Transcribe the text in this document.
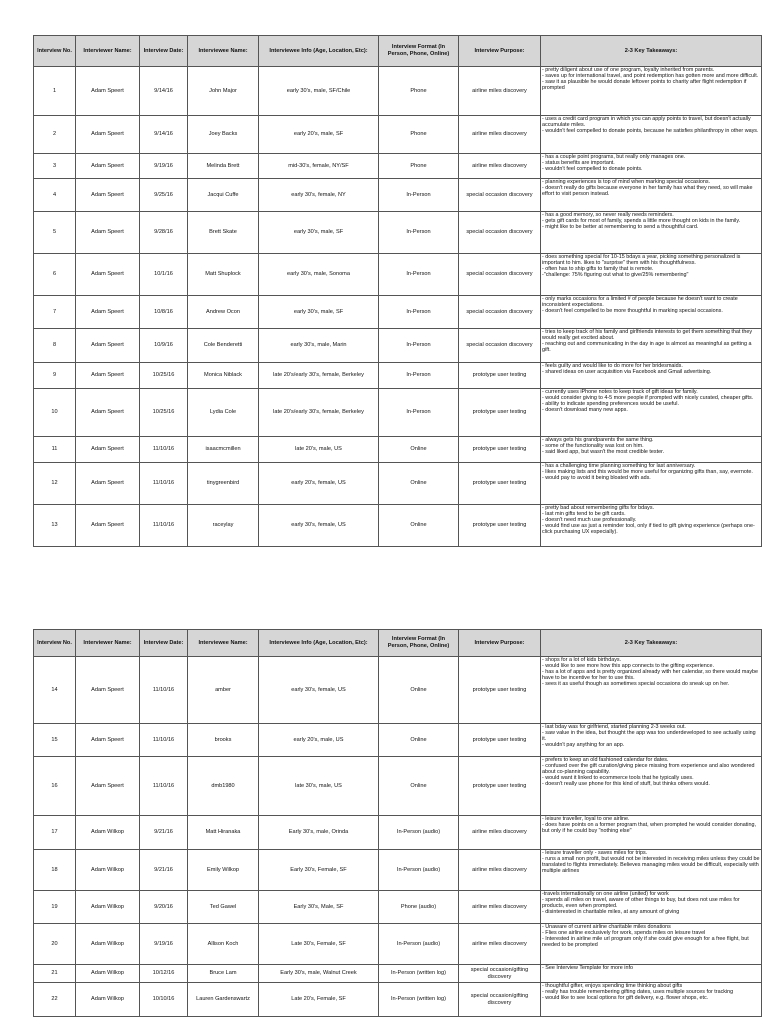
Interview No.	Interviewer Name:	Interview Date:	Interviewee Name:	Interviewee Info (Age, Location, Etc):	Interview Format (In Person, Phone, Online)	Interview Purpose:	2-3 Key Takeaways:
1	Adam Speert	9/14/16	John Major	early 30's, male, SF/Chile	Phone	airline miles discovery	- pretty diligent about use of one program, loyalty inherited from parents.
- saves up for international travel, and point redemption has gotten more and more difficult.
- saw it as plausible he would donate leftover points to charity after flight redemption if prompted
2	Adam Speert	9/14/16	Joey Backs	early 20's, male, SF	Phone	airline miles discovery	- uses a credit card program in which you can apply points to travel, but doesn't actually accumulate miles.
- wouldn't feel compelled to donate points, because he satisfies philanthropy in other ways.
3	Adam Speert	9/19/16	Melinda Brett	mid-30's, female, NY/SF	Phone	airline miles discovery	- has a couple point programs, but really only manages one.
- status benefits are important.
- wouldn't feel compelled to donate points.
4	Adam Speert	9/25/16	Jacqui Cuffe	early 30's, female, NY	In-Person	special occasion discovery	- planning experiences is top of mind when marking special occasions.
- doesn't really do gifts because everyone in her family has what they need, so will make effort to visit person instead.
5	Adam Speert	9/28/16	Brett Skate	early 30's, male, SF	In-Person	special occasion discovery	- has a good memory, so never really needs reminders.
- gets gift cards for most of family, spends a little more thought on kids in the family.
- might like to be better at remembering to send a thoughtful card.
6	Adam Speert	10/1/16	Matt Shuplock	early 30's, male, Sonoma	In-Person	special occasion discovery	- does something special for 10-15 bdays a year, picking something personalized is important to him. likes to "surprise" them with his thoughtfulness.
- often has to ship gifts to family that is remote.
-"challenge: 75% figuring out what to give/25% remembering"
7	Adam Speert	10/8/16	Andrew Ocon	early 30's, male, SF	In-Person	special occasion discovery	- only marks occasions for a limited # of people because he doesn't want to create inconsistent expectations.
- doesn't feel compelled to be more thoughtful in marking special occasions.
8	Adam Speert	10/9/16	Cole Benderetti	early 30's, male, Marin	In-Person	special occasion discovery	- tries to keep track of his family and girlfriends interests to get them something that they would really get excited about.
- reaching out and communicating in the day in age is almost as meaningful as getting a gift.
9	Adam Speert	10/25/16	Monica Niblack	late 20's/early 30's, female, Berkeley	In-Person	prototype user testing	- feels guilty and would like to do more for her bridesmaids.
- shared ideas on user acquisition via Facebook and Gmail advertising.
10	Adam Speert	10/25/16	Lydia Cole	late 20's/early 30's, female, Berkeley	In-Person	prototype user testing	- currently uses iPhone notes to keep track of gift ideas for family.
- would consider giving to 4-5 more people if prompted with nicely curated, cheaper gifts.
- ability to indicate spending preferences would be useful.
- doesn't download many new apps.
11	Adam Speert	11/10/16	isaacmcmillen	late 20's, male, US	Online	prototype user testing	- always gets his grandparents the same thing.
- some of the functionality was lost on him.
- said liked app, but wasn't the most credible tester.
12	Adam Speert	11/10/16	tinygreenbird	early 20's, female, US	Online	prototype user testing	- has a challenging time planning something for last anniversary.
- likes making lists and this would be more useful for organizing gifts than, say, evernote.
- would pay to avoid it being bloated with ads.
13	Adam Speert	11/10/16	raceylay	early 30's, female, US	Online	prototype user testing	- pretty bad about remembering gifts for bdays.
- last min gifts tend to be gift cards.
- doesn't need much use professionally.
- would find use as just a reminder tool, only if tied to gift giving experience (perhaps one-click purchasing UX especially).
Interview No.	Interviewer Name:	Interview Date:	Interviewee Name:	Interviewee Info (Age, Location, Etc):	Interview Format (In Person, Phone, Online)	Interview Purpose:	2-3 Key Takeaways:
14	Adam Speert	11/10/16	amber	early 30's, female, US	Online	prototype user testing	- shops for a lot of kids birthdays.
- would like to see more how this app connects to the gifting experience.
- has a lot of apps and is pretty organized already with her calendar, so there would maybe have to be incentive for her to use this.
- sees it as useful though as sometimes special occasions do sneak up on her.
15	Adam Speert	11/10/16	brooks	early 20's, male, US	Online	prototype user testing	- last bday was for girlfriend, started planning 2-3 weeks out.
- saw value in the idea, but thought the app was too underdeveloped to see actually using it.
- wouldn't pay anything for an app.
16	Adam Speert	11/10/16	dmb1980	late 30's, male, US	Online	prototype user testing	- prefers to keep an old fashioned calendar for dates.
- confused over the gift curation/giving piece missing from experience and also wondered about co-planning capability.
- would want it linked to ecommerce tools that he typically uses.
- doesn't really use phone for this kind of stuff, but thinks others would.
17	Adam Wilkop	9/21/16	Matt Hiranaka	Early 30's, male, Orinda	In-Person (audio)	airline miles discovery	- leisure traveller, loyal to one airline.
- does have points on a former program that, when prompted he would consider donating, but only if he could buy "nothing else"
18	Adam Wilkop	9/21/16	Emily Wilkop	Early 30's, Female, SF	In-Person (audio)	airline miles discovery	- leisure traveller only - saves miles for trips.
- runs a small non profit, but would not be interested in receiving miles unless they could be translated to flights immediately. Believes managing miles would be difficult, especially with multiple airlines
19	Adam Wilkop	9/20/16	Ted Gawel	Early 30's, Male, SF	Phone (audio)	airline miles discovery	-travels internationally on one airline (united) for work
- spends all miles on travel, aware of other things to buy, but does not use miles for products, even when prompted.
- disinterested in charitable miles, at any amount of giving
20	Adam Wilkop	9/19/16	Allison Koch	Late 30's, Female, SF	In-Person (audio)	airline miles discovery	- Unaware of current airline charitable miles donations
- Flies one airline exclusively for work, spends miles on leisure travel
- Interested in airline mile url program only if she could give enough for a free flight, but needed to be prompted
21	Adam Wilkop	10/12/16	Bruce Lam	Early 30's, male, Walnut Creek	In-Person (written log)	special occasion/gifting discovery	- See Interview Template for more info
22	Adam Wilkop	10/10/16	Lauren Gardenswartz	Late 20's, Female, SF	In-Person (written log)	special occasion/gifting discovery	- thoughtful gifter, enjoys spending time thinking about gifts
- really has trouble remembering gifting dates, uses multiple sources for tracking
- would like to see local options for gift delivery, e.g. flower shops, etc.
